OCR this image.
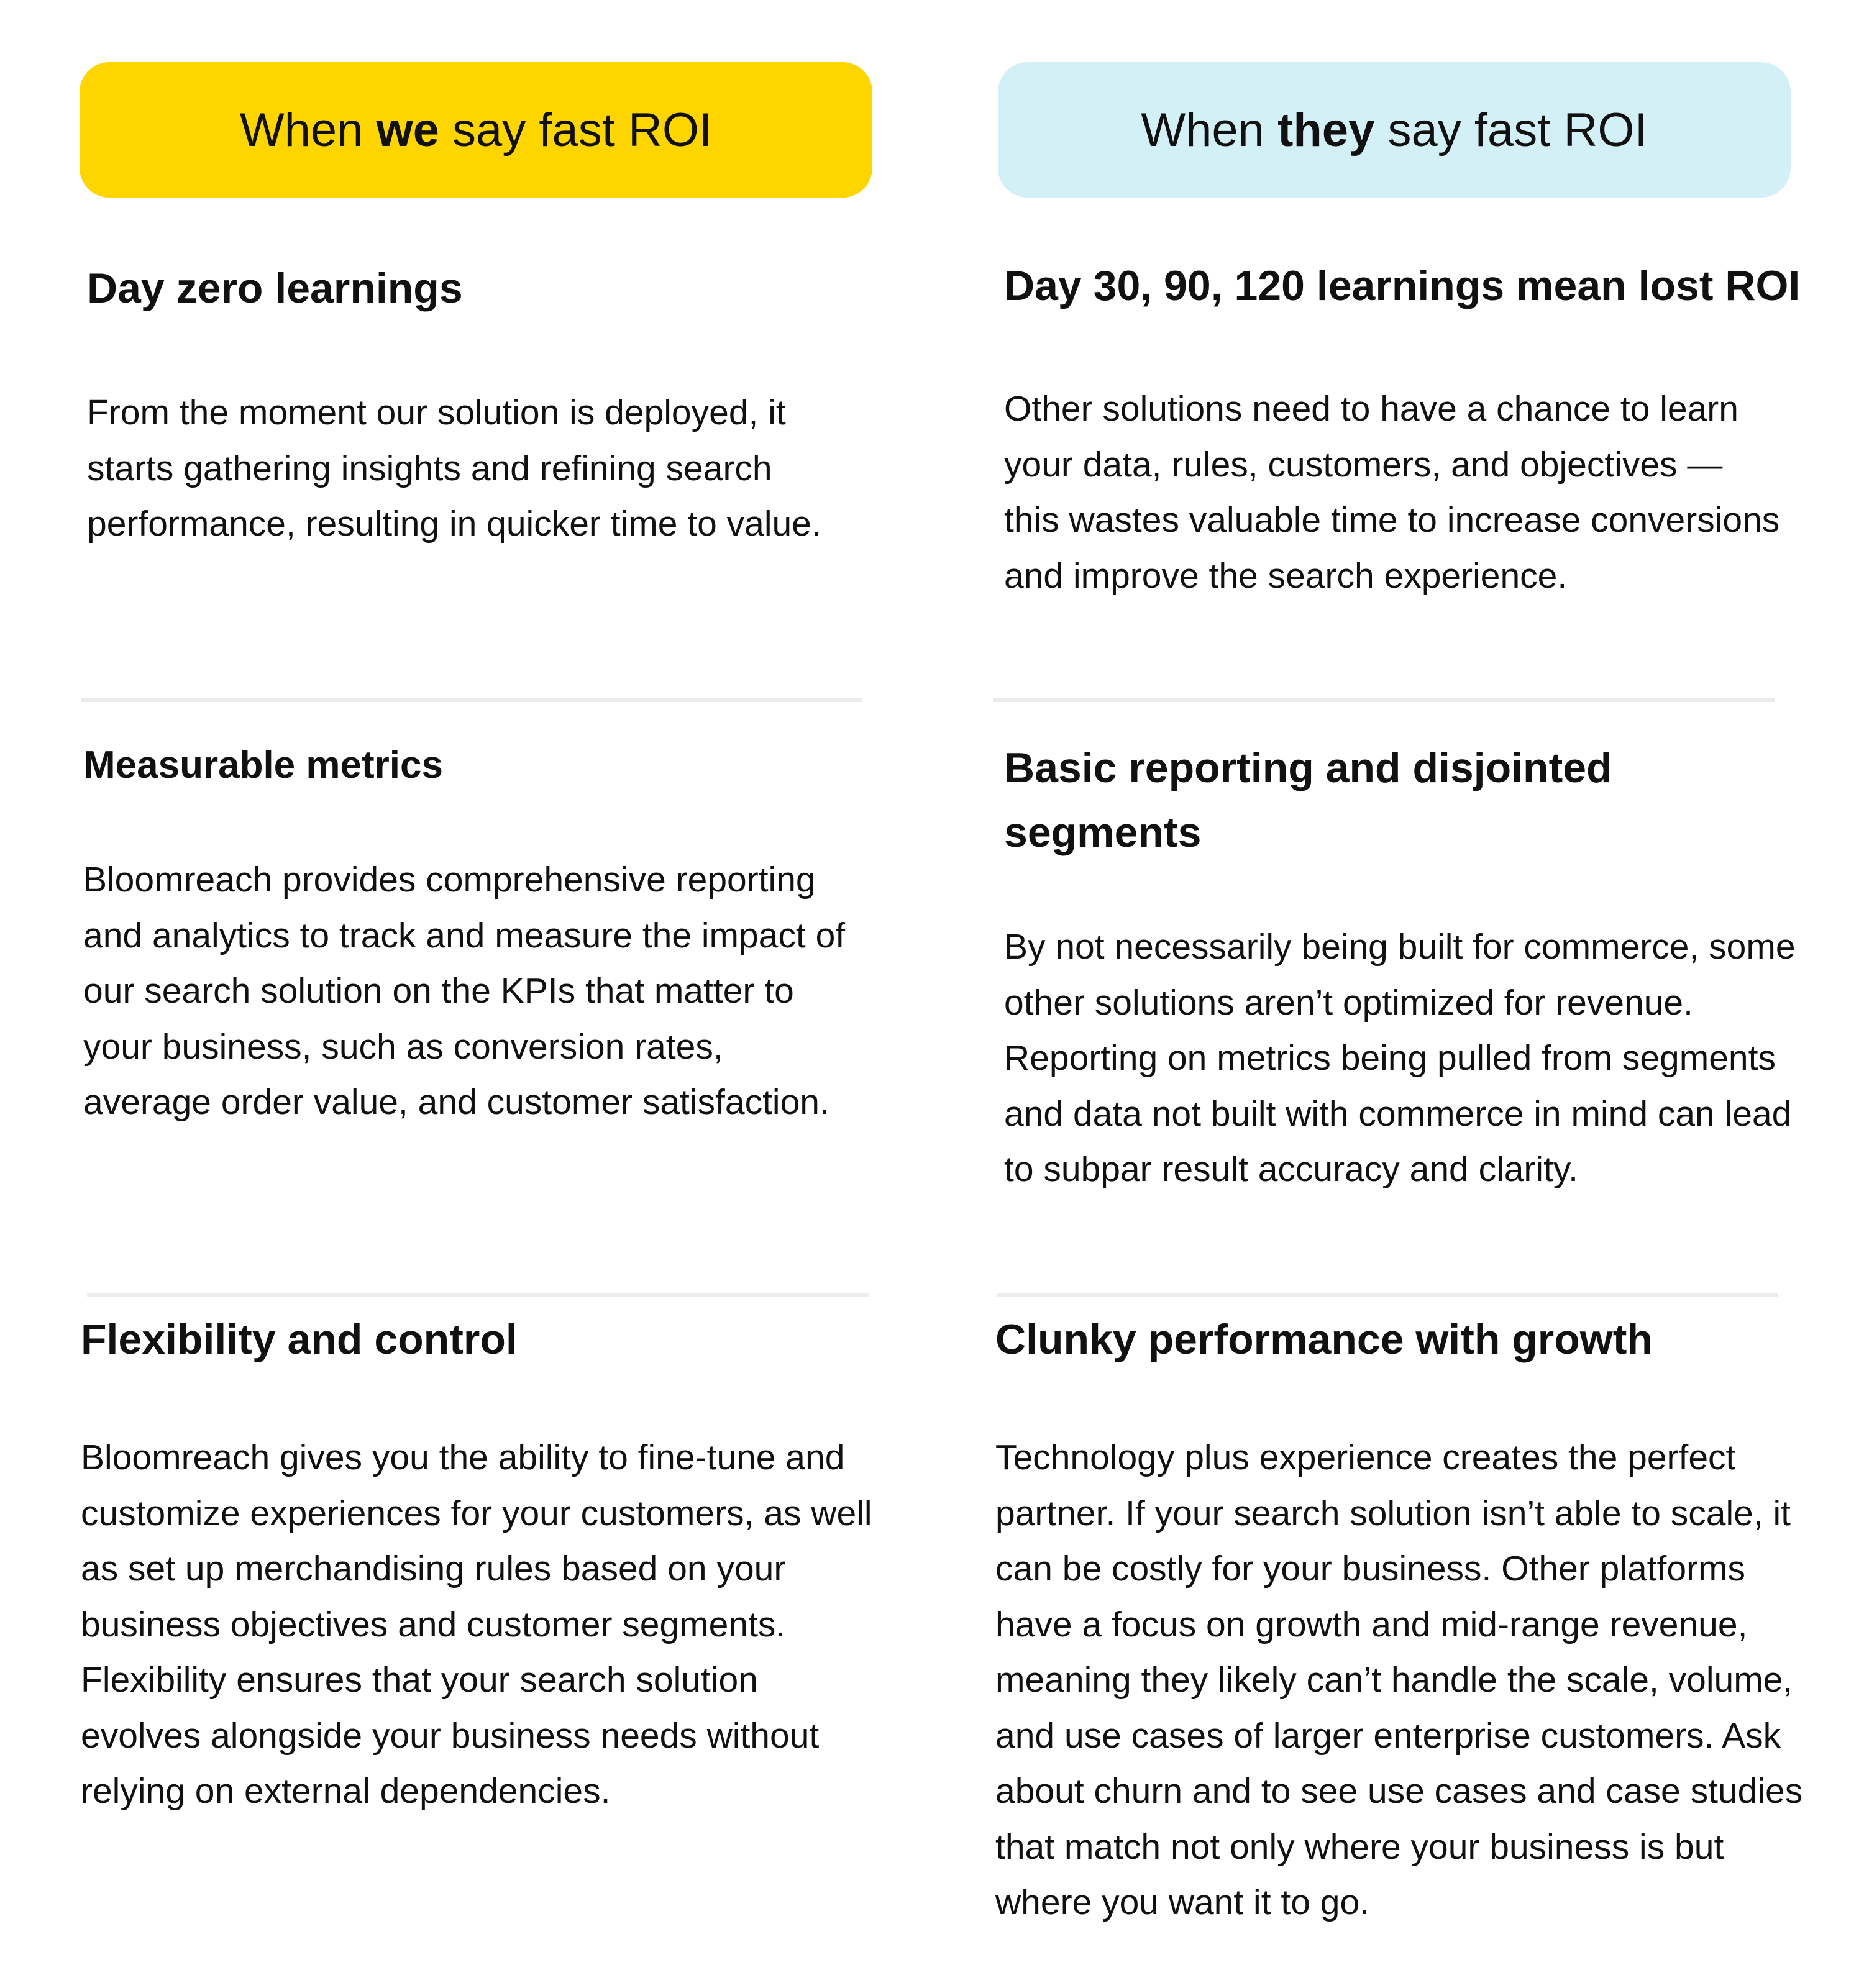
When we say fast ROI	When they say fast ROI
Day zero learnings

From the moment our solution is deployed, it starts gathering insights and refining search performance, resulting in quicker time to value.

Measurable metrics

Bloomreach provides comprehensive reporting and analytics to track and measure the impact of our search solution on the KPIs that matter to your business, such as conversion rates, average order value, and customer satisfaction.

Flexibility and control

Bloomreach gives you the ability to fine-tune and customize experiences for your customers, as well as set up merchandising rules based on your business objectives and customer segments. Flexibility ensures that your search solution evolves alongside your business needs without relying on external dependencies.

Day 30, 90, 120 learnings mean lost ROI

Other solutions need to have a chance to learn your data, rules, customers, and objectives — this wastes valuable time to increase conversions and improve the search experience.

Basic reporting and disjointed segments

By not necessarily being built for commerce, some other solutions aren’t optimized for revenue. Reporting on metrics being pulled from segments and data not built with commerce in mind can lead to subpar result accuracy and clarity.

Clunky performance with growth

Technology plus experience creates the perfect partner. If your search solution isn’t able to scale, it can be costly for your business. Other platforms have a focus on growth and mid-range revenue, meaning they likely can’t handle the scale, volume, and use cases of larger enterprise customers. Ask about churn and to see use cases and case studies that match not only where your business is but where you want it to go.
